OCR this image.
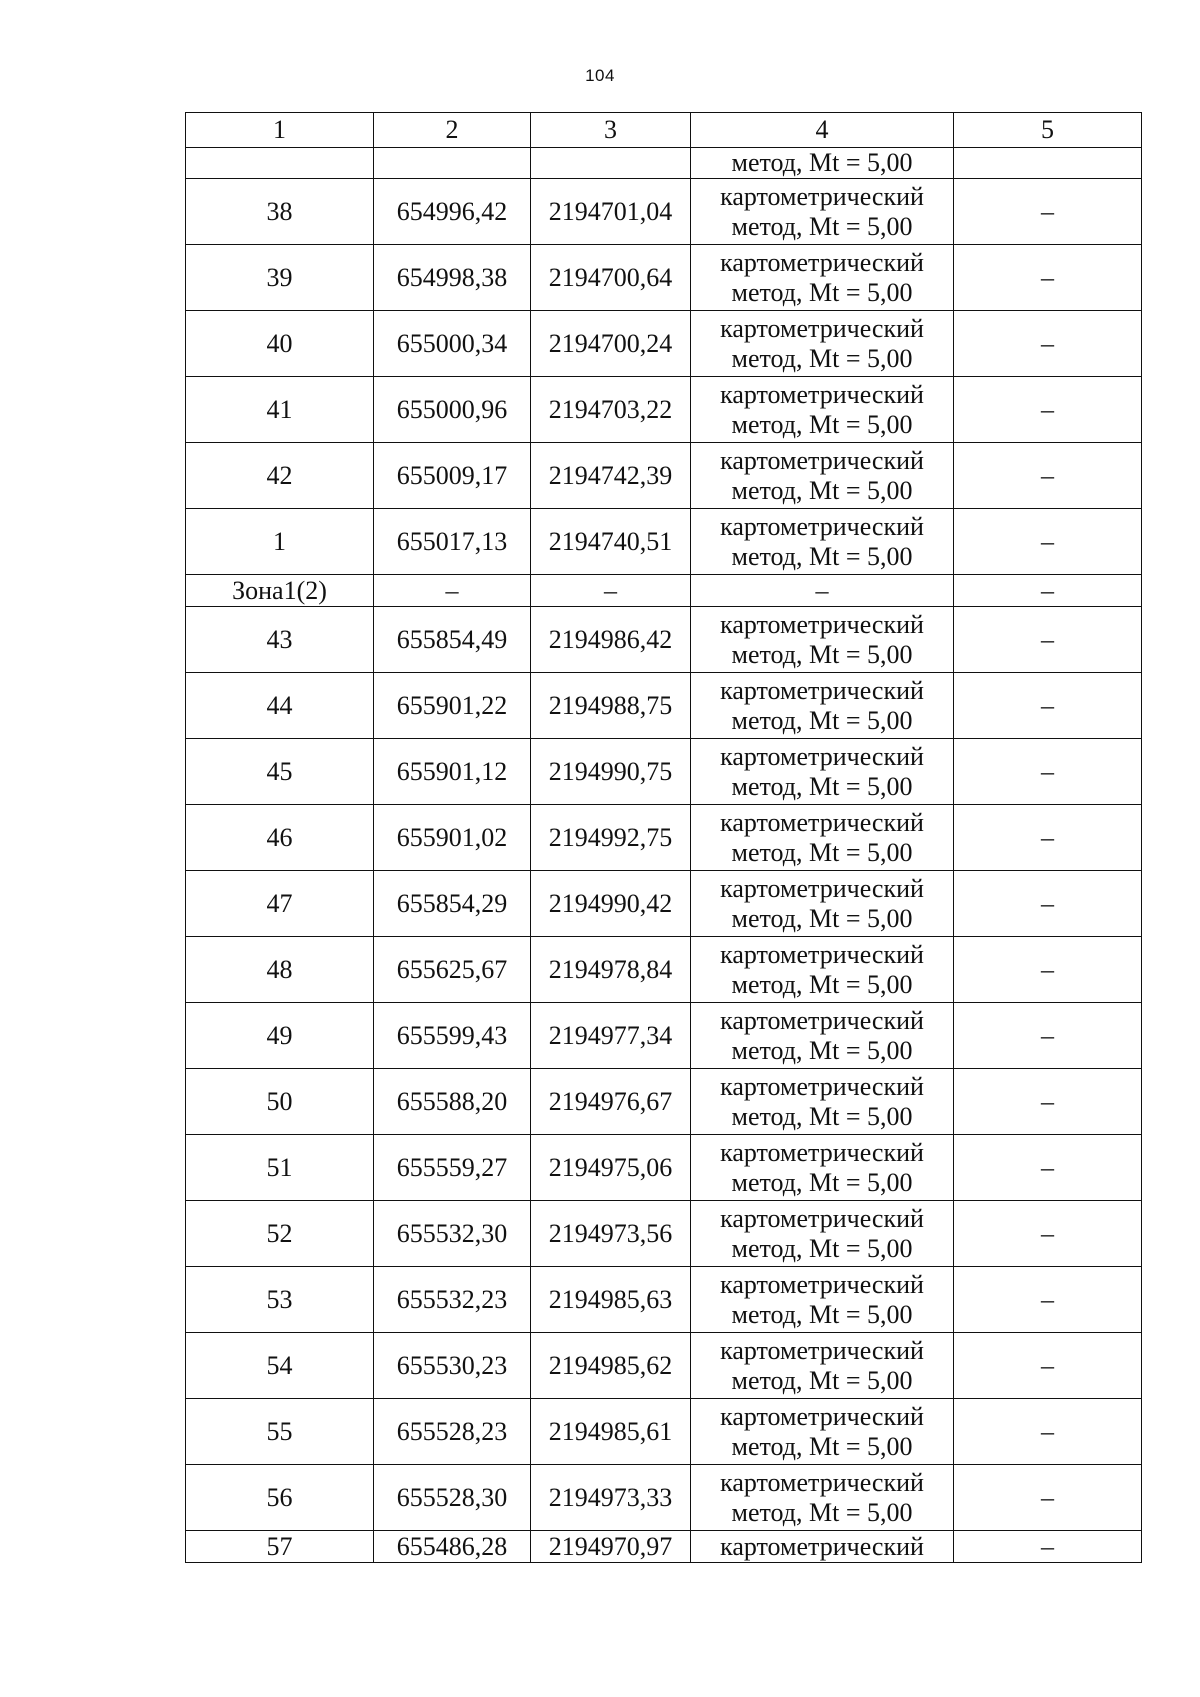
104
1	2	3	4	5
			метод, Mt = 5,00	
38	654996,42	2194701,04	картометрический
метод, Mt = 5,00	–
39	654998,38	2194700,64	картометрический
метод, Mt = 5,00	–
40	655000,34	2194700,24	картометрический
метод, Mt = 5,00	–
41	655000,96	2194703,22	картометрический
метод, Mt = 5,00	–
42	655009,17	2194742,39	картометрический
метод, Mt = 5,00	–
1	655017,13	2194740,51	картометрический
метод, Mt = 5,00	–
Зона1(2)	–	–	–	–
43	655854,49	2194986,42	картометрический
метод, Mt = 5,00	–
44	655901,22	2194988,75	картометрический
метод, Mt = 5,00	–
45	655901,12	2194990,75	картометрический
метод, Mt = 5,00	–
46	655901,02	2194992,75	картометрический
метод, Mt = 5,00	–
47	655854,29	2194990,42	картометрический
метод, Mt = 5,00	–
48	655625,67	2194978,84	картометрический
метод, Mt = 5,00	–
49	655599,43	2194977,34	картометрический
метод, Mt = 5,00	–
50	655588,20	2194976,67	картометрический
метод, Mt = 5,00	–
51	655559,27	2194975,06	картометрический
метод, Mt = 5,00	–
52	655532,30	2194973,56	картометрический
метод, Mt = 5,00	–
53	655532,23	2194985,63	картометрический
метод, Mt = 5,00	–
54	655530,23	2194985,62	картометрический
метод, Mt = 5,00	–
55	655528,23	2194985,61	картометрический
метод, Mt = 5,00	–
56	655528,30	2194973,33	картометрический
метод, Mt = 5,00	–
57	655486,28	2194970,97	картометрический	–
